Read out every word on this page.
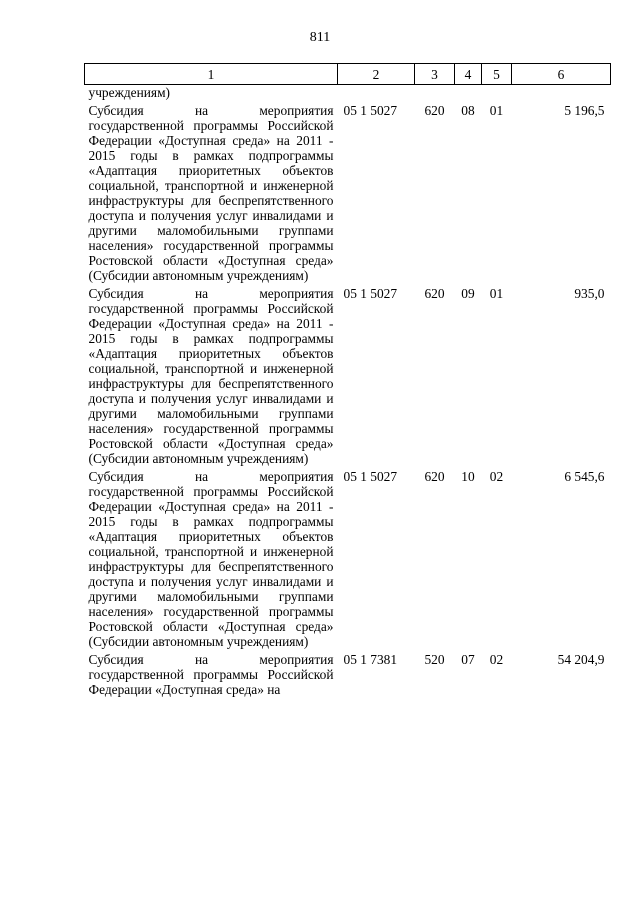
811
1	2	3	4	5	6
учреждениям)					
Субсидия на мероприятия государственной программы Российской Федерации «Доступная среда» на 2011 - 2015 годы в рамках подпрограммы «Адаптация приоритетных объектов социальной, транспортной и инженерной инфраструктуры для беспрепятственного доступа и получения услуг инвалидами и другими маломобильными группами населения» государственной программы Ростовской области «Доступная среда» (Субсидии автономным учреждениям)	05 1 5027	620	08	01	5 196,5
Субсидия на мероприятия государственной программы Российской Федерации «Доступная среда» на 2011 - 2015 годы в рамках подпрограммы «Адаптация приоритетных объектов социальной, транспортной и инженерной инфраструктуры для беспрепятственного доступа и получения услуг инвалидами и другими маломобильными группами населения» государственной программы Ростовской области «Доступная среда» (Субсидии автономным учреждениям)	05 1 5027	620	09	01	935,0
Субсидия на мероприятия государственной программы Российской Федерации «Доступная среда» на 2011 - 2015 годы в рамках подпрограммы «Адаптация приоритетных объектов социальной, транспортной и инженерной инфраструктуры для беспрепятственного доступа и получения услуг инвалидами и другими маломобильными группами населения» государственной программы Ростовской области «Доступная среда» (Субсидии автономным учреждениям)	05 1 5027	620	10	02	6 545,6
Субсидия на мероприятия государственной программы Российской Федерации «Доступная среда» на	05 1 7381	520	07	02	54 204,9
